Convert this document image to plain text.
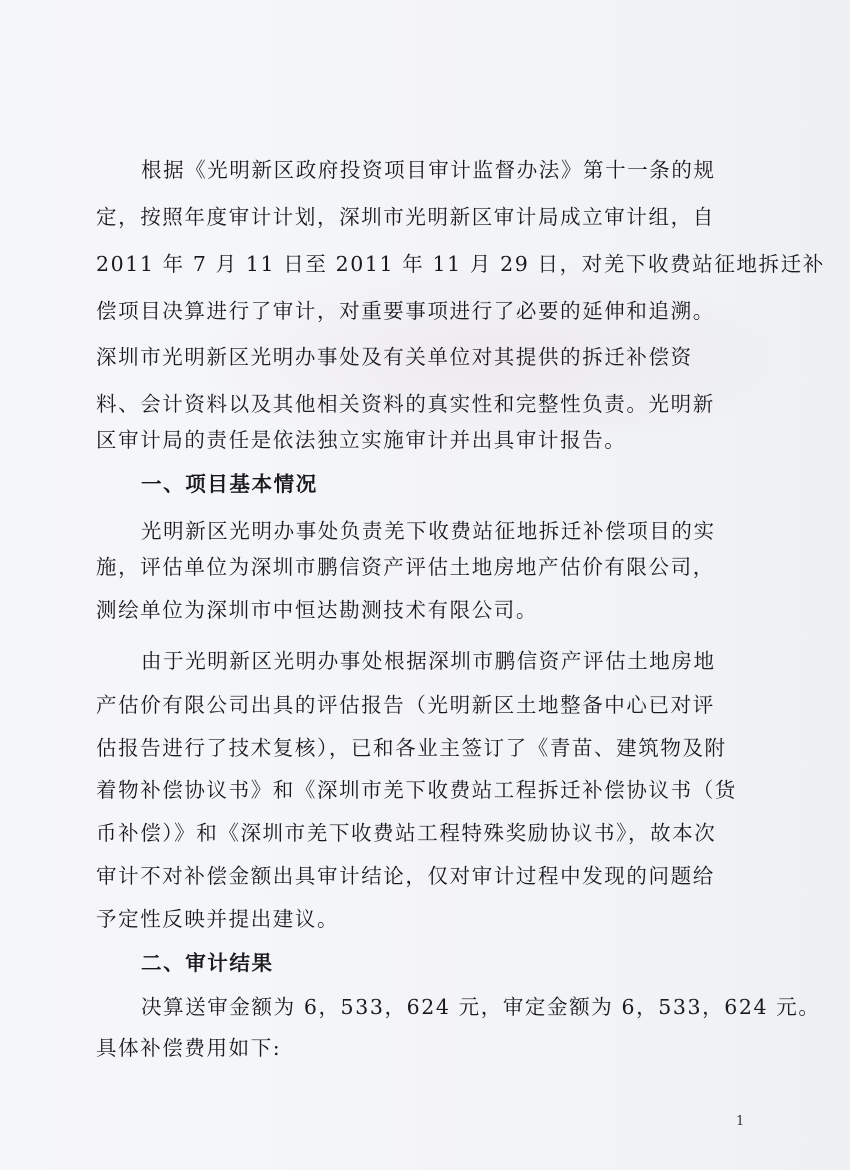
根据《光明新区政府投资项目审计监督办法》第十一条的规
定，按照年度审计计划，深圳市光明新区审计局成立审计组，自
2011 年 7 月 11 日至 2011 年 11 月 29 日，对羌下收费站征地拆迁补
偿项目决算进行了审计，对重要事项进行了必要的延伸和追溯。
深圳市光明新区光明办事处及有关单位对其提供的拆迁补偿资
料、会计资料以及其他相关资料的真实性和完整性负责。光明新
区审计局的责任是依法独立实施审计并出具审计报告。
一、项目基本情况
光明新区光明办事处负责羌下收费站征地拆迁补偿项目的实
施，评估单位为深圳市鹏信资产评估土地房地产估价有限公司，
测绘单位为深圳市中恒达勘测技术有限公司。
由于光明新区光明办事处根据深圳市鹏信资产评估土地房地
产估价有限公司出具的评估报告（光明新区土地整备中心已对评
估报告进行了技术复核），已和各业主签订了《青苗、建筑物及附
着物补偿协议书》和《深圳市羌下收费站工程拆迁补偿协议书（货
币补偿）》和《深圳市羌下收费站工程特殊奖励协议书》，故本次
审计不对补偿金额出具审计结论，仅对审计过程中发现的问题给
予定性反映并提出建议。
二、审计结果
决算送审金额为 6，533，624 元，审定金额为 6，533，624 元。
具体补偿费用如下:
1
